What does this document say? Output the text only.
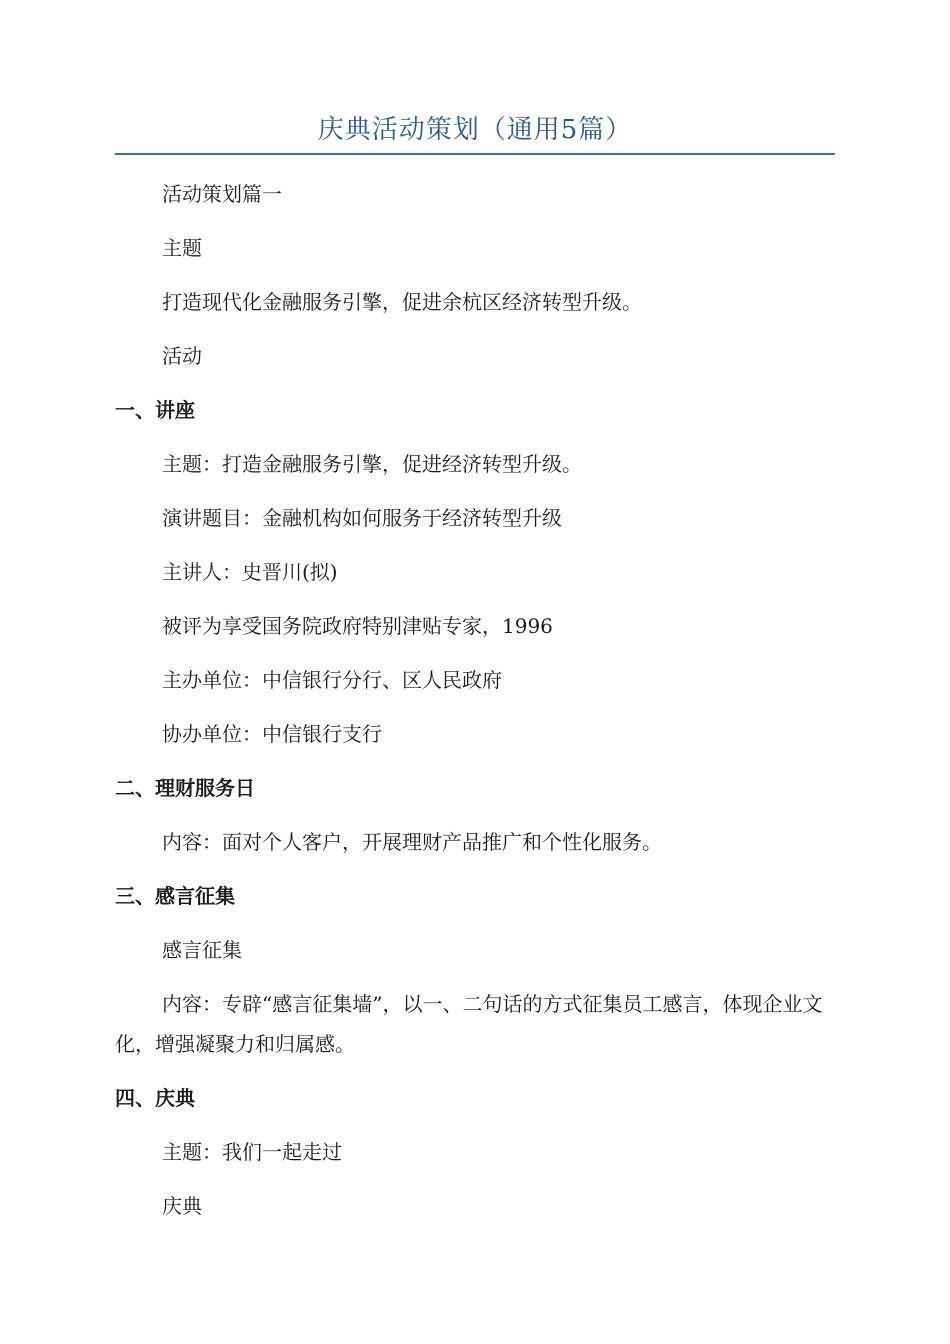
庆典活动策划（通用5篇）
活动策划篇一
主题
打造现代化金融服务引擎，促进余杭区经济转型升级。
活动
一、讲座
主题：打造金融服务引擎，促进经济转型升级。
演讲题目：金融机构如何服务于经济转型升级
主讲人：史晋川(拟)
被评为享受国务院政府特别津贴专家，1996
主办单位：中信银行分行、区人民政府
协办单位：中信银行支行
二、理财服务日
内容：面对个人客户，开展理财产品推广和个性化服务。
三、感言征集
感言征集
内容：专辟“感言征集墙”，以一、二句话的方式征集员工感言，体现企业文化，增强凝聚力和归属感。
四、庆典
主题：我们一起走过
庆典
